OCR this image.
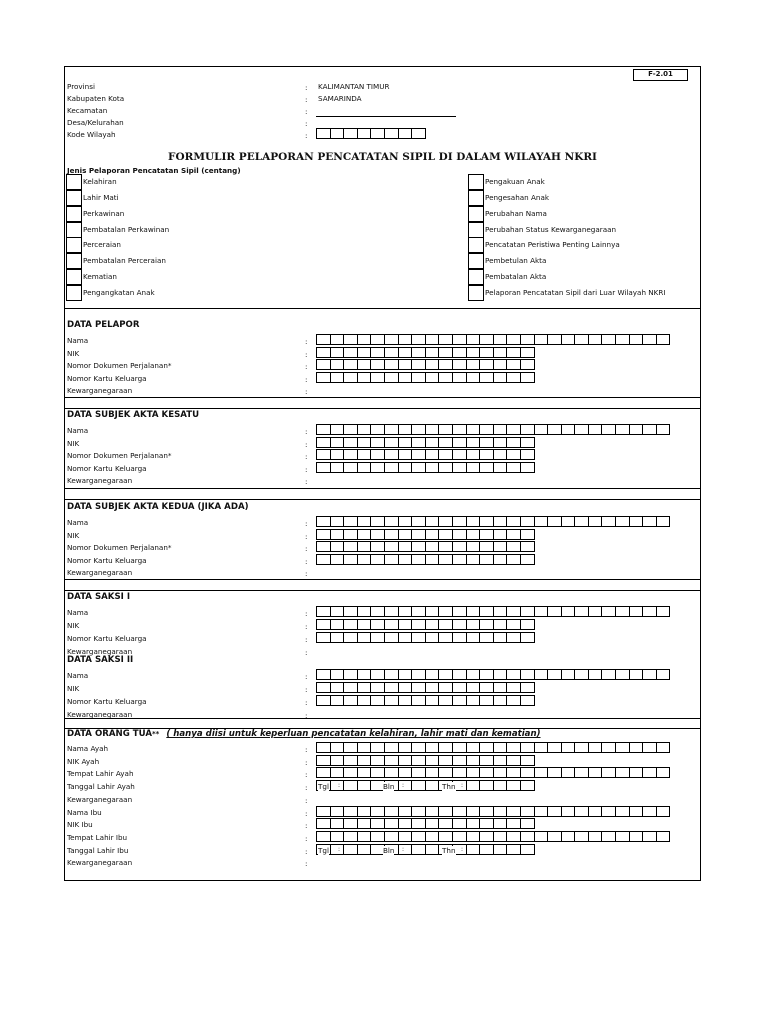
F-2.01
Provinsi	: KALIMANTAN TIMUR
Kabupaten Kota	: SAMARINDA
Kecamatan	:
Desa/Kelurahan	:
Kode Wilayah	:
FORMULIR PELAPORAN PENCATATAN SIPIL DI DALAM WILAYAH NKRI
Jenis Pelaporan Pencatatan Sipil (centang)
Kelahiran
Lahir Mati
Perkawinan
Pembatalan Perkawinan
Perceraian
Pembatalan Perceraian
Kematian
Pengangkatan Anak
Pengakuan Anak
Pengesahan Anak
Perubahan Nama
Perubahan Status Kewarganegaraan
Pencatatan Peristiwa Penting Lainnya
Pembetulan Akta
Pembatalan Akta
Pelaporan Pencatatan Sipil dari Luar Wilayah NKRI
DATA PELAPOR
Nama	:
NIK	:
Nomor Dokumen Perjalanan*	:
Nomor Kartu Keluarga	:
Kewarganegaraan	:
DATA SUBJEK AKTA KESATU
Nama	:
NIK	:
Nomor Dokumen Perjalanan*	:
Nomor Kartu Keluarga	:
Kewarganegaraan	:
DATA SUBJEK AKTA KEDUA (JIKA ADA)
Nama	:
NIK	:
Nomor Dokumen Perjalanan*	:
Nomor Kartu Keluarga	:
Kewarganegaraan	:
DATA SAKSI I
Nama	:
NIK	:
Nomor Kartu Keluarga	:
Kewarganegaraan	:
DATA SAKSI II
Nama	:
NIK	:
Nomor Kartu Keluarga	:
Kewarganegaraan	:
DATA ORANG TUA** ( hanya diisi untuk keperluan pencatatan kelahiran, lahir mati dan kematian)
Nama Ayah	:
NIK Ayah	:
Tempat Lahir Ayah	:
Tanggal Lahir Ayah	: Tgl :	Bln :	Thn :
Kewarganegaraan	:
Nama Ibu	:
NIK Ibu	:
Tempat Lahir Ibu	:
Tanggal Lahir Ibu	: Tgl :	Bln :	Thn :
Kewarganegaraan	:
